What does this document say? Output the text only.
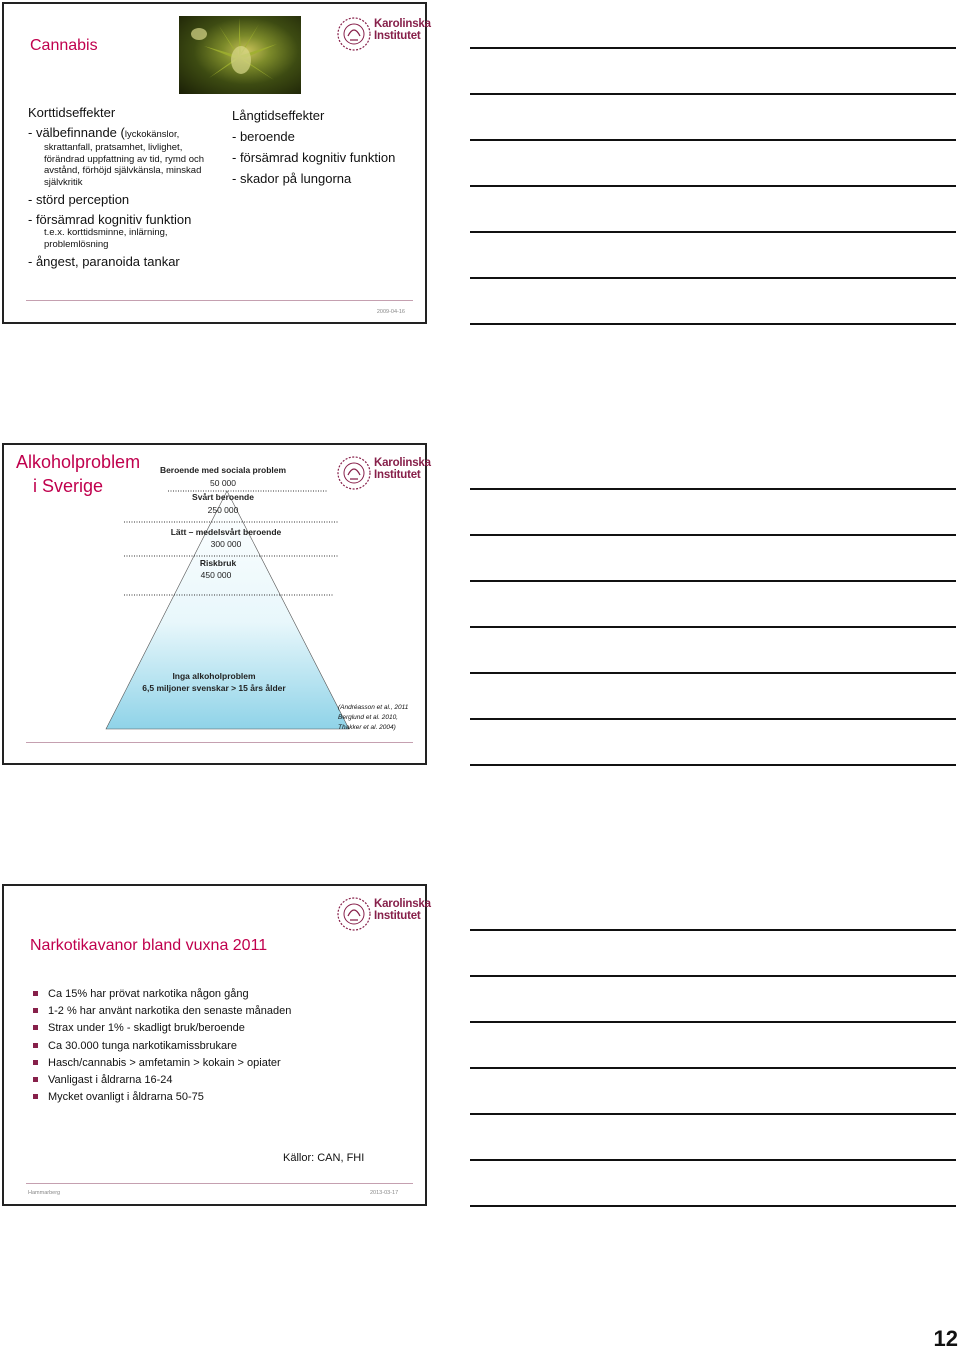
Cannabis
Karolinska
Institutet
Korttidseffekter
- välbefinnande (lyckokänslor,
skrattanfall, pratsamhet, livlighet, förändrad uppfattning av tid, rymd och avstånd, förhöjd självkänsla, minskad självkritik
- störd perception
- försämrad kognitiv funktion
t.e.x. korttidsminne, inlärning, problemlösning
- ångest, paranoida tankar
Långtidseffekter
- beroende
- försämrad kognitiv funktion
- skador på lungorna
2009-04-16
Alkoholproblem
i Sverige
Karolinska
Institutet
Beroende med sociala problem
50 000
Svårt beroende
250 000
Lätt – medelsvårt beroende
300 000
Riskbruk
450 000
Inga alkoholproblem
6,5 miljoner svenskar > 15 års ålder
(Andréasson et al., 2011
Berglund et al. 2010,
Thakker et al. 2004)
Karolinska
Institutet
Narkotikavanor bland vuxna 2011
Ca 15% har prövat narkotika någon gång
1-2 % har använt narkotika den senaste månaden
Strax under 1% - skadligt bruk/beroende
Ca 30.000 tunga narkotikamissbrukare
Hasch/cannabis > amfetamin > kokain > opiater
Vanligast i åldrarna 16-24
Mycket ovanligt i åldrarna 50-75
Källor: CAN, FHI
Hammarberg	2013-03-17
12
